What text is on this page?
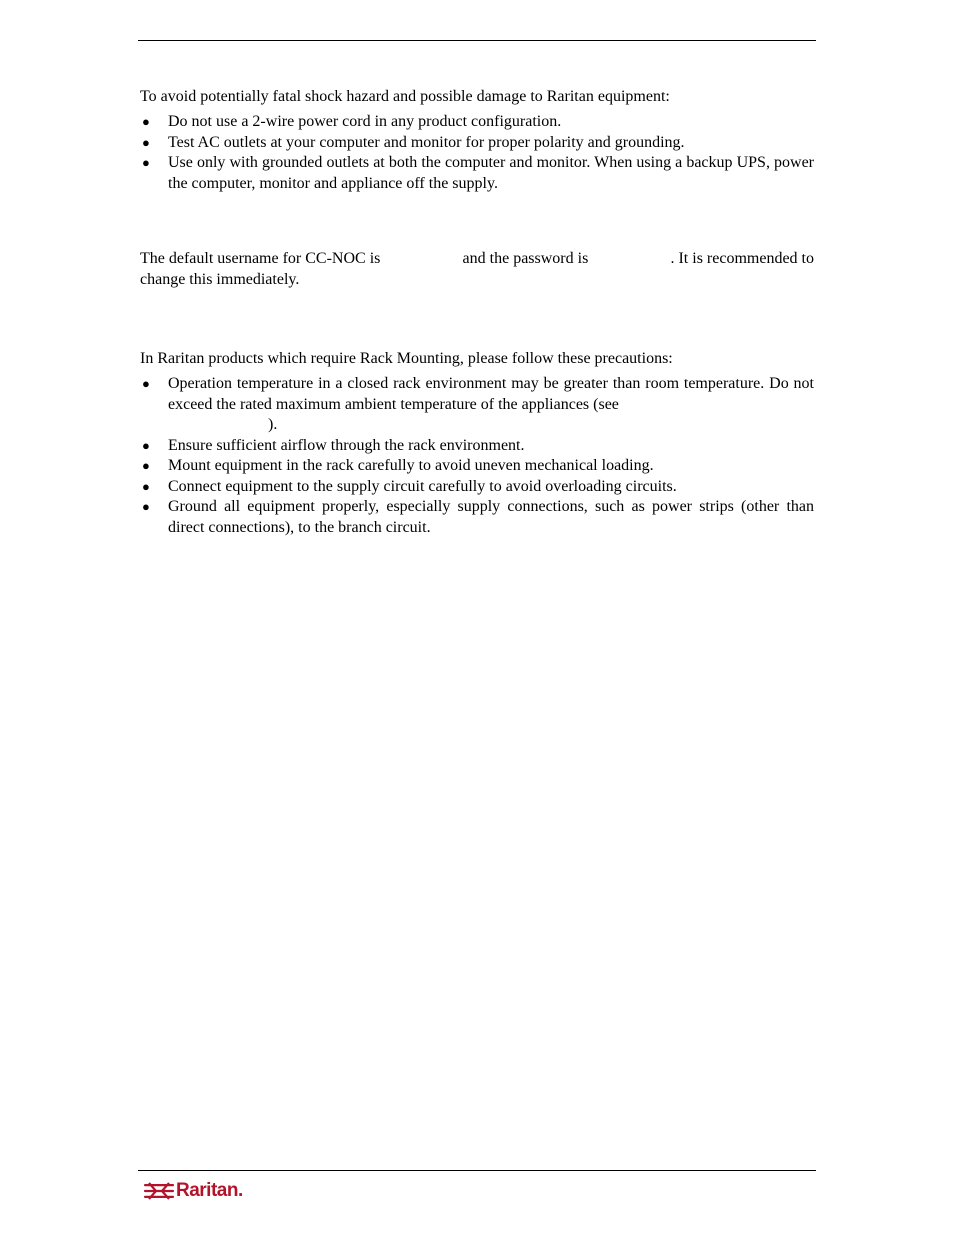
To avoid potentially fatal shock hazard and possible damage to Raritan equipment:

● Do not use a 2-wire power cord in any product configuration.
● Test AC outlets at your computer and monitor for proper polarity and grounding.
● Use only with grounded outlets at both the computer and monitor. When using a backup UPS, power the computer, monitor and appliance off the supply.
The default username for CC-NOC is	and the password is	. It is recommended to
change this immediately.

In Raritan products which require Rack Mounting, please follow these precautions:

● Operation temperature in a closed rack environment may be greater than room temperature. Do not exceed the rated maximum ambient temperature of the appliances (see
).
● Ensure sufficient airflow through the rack environment.
● Mount equipment in the rack carefully to avoid uneven mechanical loading.
● Connect equipment to the supply circuit carefully to avoid overloading circuits.
● Ground all equipment properly, especially supply connections, such as power strips (other than direct connections), to the branch circuit.
Raritan .
